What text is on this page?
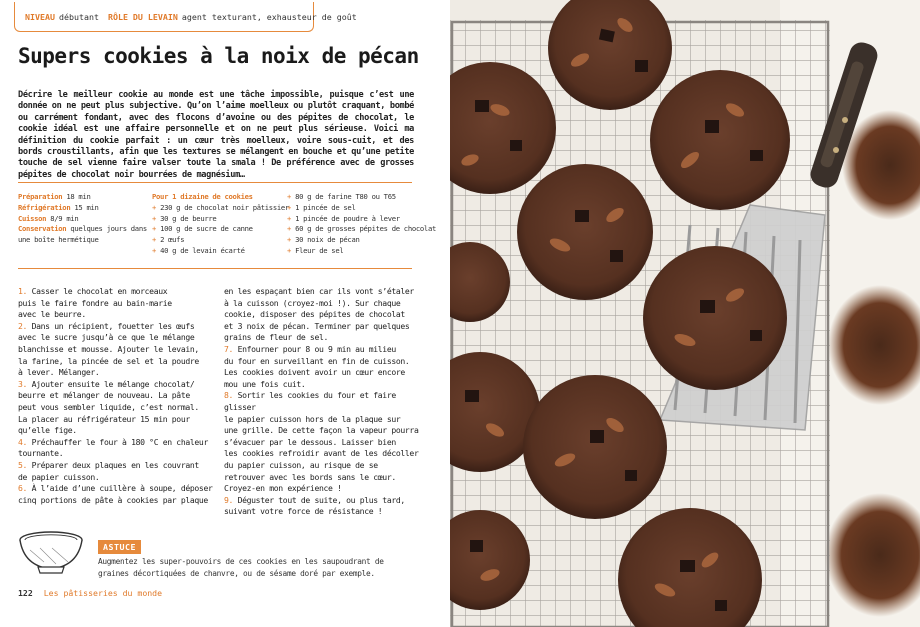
NIVEAU débutant RÔLE DU LEVAIN agent texturant, exhausteur de goût
Supers cookies à la noix de pécan

Décrire le meilleur cookie au monde est une tâche impossible, puisque c’est une donnée on ne peut plus subjective. Qu’on l’aime moelleux ou plutôt craquant, bombé ou carrément fondant, avec des flocons d’avoine ou des pépites de chocolat, le cookie idéal est une affaire personnelle et on ne peut plus sérieuse. Voici ma définition du cookie parfait : un cœur très moelleux, voire sous-cuit, et des bords croustillants, afin que les textures se mélangent en bouche et qu’une petite touche de sel vienne faire valser toute la smala ! De préférence avec de grosses pépites de chocolat noir bourrées de magnésium…

Préparation 18 min
Réfrigération 15 min
Cuisson 8/9 min
Conservation quelques jours dans une boîte hermétique
Pour 1 dizaine de cookies
+ 230 g de chocolat noir pâtissier
+ 30 g de beurre
+ 100 g de sucre de canne
+ 2 œufs
+ 40 g de levain écarté
+ 80 g de farine T80 ou T65
+ 1 pincée de sel
+ 1 pincée de poudre à lever
+ 60 g de grosses pépites de chocolat
+ 30 noix de pécan
+ Fleur de sel

1. Casser le chocolat en morceaux
puis le faire fondre au bain-marie
avec le beurre.

2. Dans un récipient, fouetter les œufs
avec le sucre jusqu’à ce que le mélange
blanchisse et mousse. Ajouter le levain,
la farine, la pincée de sel et la poudre
à lever. Mélanger.

3. Ajouter ensuite le mélange chocolat/
beurre et mélanger de nouveau. La pâte
peut vous sembler liquide, c’est normal.
La placer au réfrigérateur 15 min pour
qu’elle fige.

4. Préchauffer le four à 180 °C en chaleur
tournante.

5. Préparer deux plaques en les couvrant
de papier cuisson.

6. À l’aide d’une cuillère à soupe, déposer
cinq portions de pâte à cookies par plaque

en les espaçant bien car ils vont s’étaler
à la cuisson (croyez-moi !). Sur chaque
cookie, disposer des pépites de chocolat
et 3 noix de pécan. Terminer par quelques
grains de fleur de sel.

7. Enfourner pour 8 ou 9 min au milieu
du four en surveillant en fin de cuisson.
Les cookies doivent avoir un cœur encore
mou une fois cuit.

8. Sortir les cookies du four et faire glisser
le papier cuisson hors de la plaque sur
une grille. De cette façon la vapeur pourra
s’évacuer par le dessous. Laisser bien
les cookies refroidir avant de les décoller
du papier cuisson, au risque de se
retrouver avec les bords sans le cœur.
Croyez-en mon expérience !

9. Déguster tout de suite, ou plus tard,
suivant votre force de résistance !

ASTUCE

Augmentez les super-pouvoirs de ces cookies en les saupoudrant de graines décortiquées de chanvre, ou de sésame doré par exemple.

122 Les pâtisseries du monde
